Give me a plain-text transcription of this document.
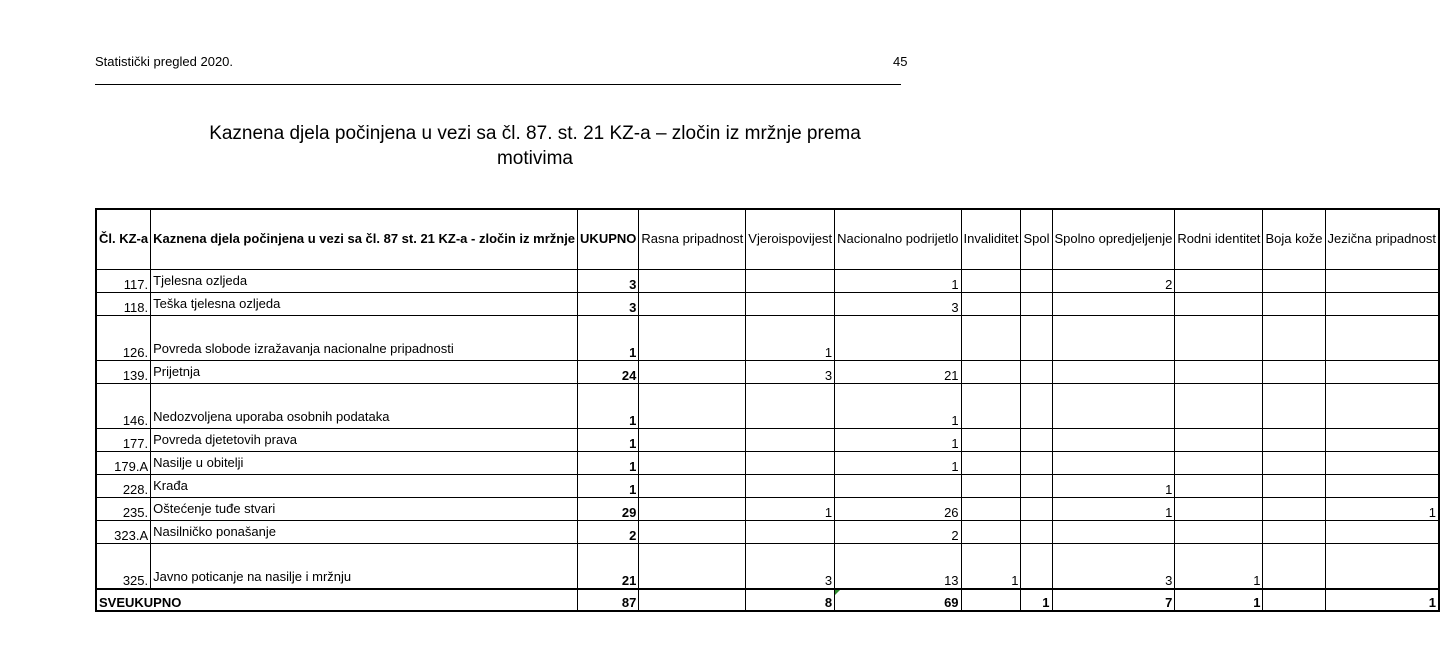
Statistički pregled 2020.	45
Kaznena djela počinjena u vezi sa čl. 87. st. 21 KZ-a – zločin iz mržnje prema
motivima
Čl. KZ-a	Kaznena djela počinjena u vezi sa čl. 87 st. 21 KZ-a - zločin iz mržnje	UKUPNO	Rasna pripadnost	Vjeroispovijest	Nacionalno podrijetlo	Invaliditet	Spol	Spolno opredjeljenje	Rodni identitet	Boja kože	Jezična pripadnost
117.	Tjelesna ozljeda	3			1			2			
118.	Teška tjelesna ozljeda	3			3						
126.	Povreda slobode izražavanja nacionalne pripadnosti	1		1							
139.	Prijetnja	24		3	21						
146.	Nedozvoljena uporaba osobnih podataka	1			1						
177.	Povreda djetetovih prava	1			1						
179.A	Nasilje u obitelji	1			1						
228.	Krađa	1						1			
235.	Oštećenje tuđe stvari	29		1	26			1			1
323.A	Nasilničko ponašanje	2			2						
325.	Javno poticanje na nasilje i mržnju	21		3	13	1		3	1		
SVEUKUPNO		87		8	69		1	7	1		1
